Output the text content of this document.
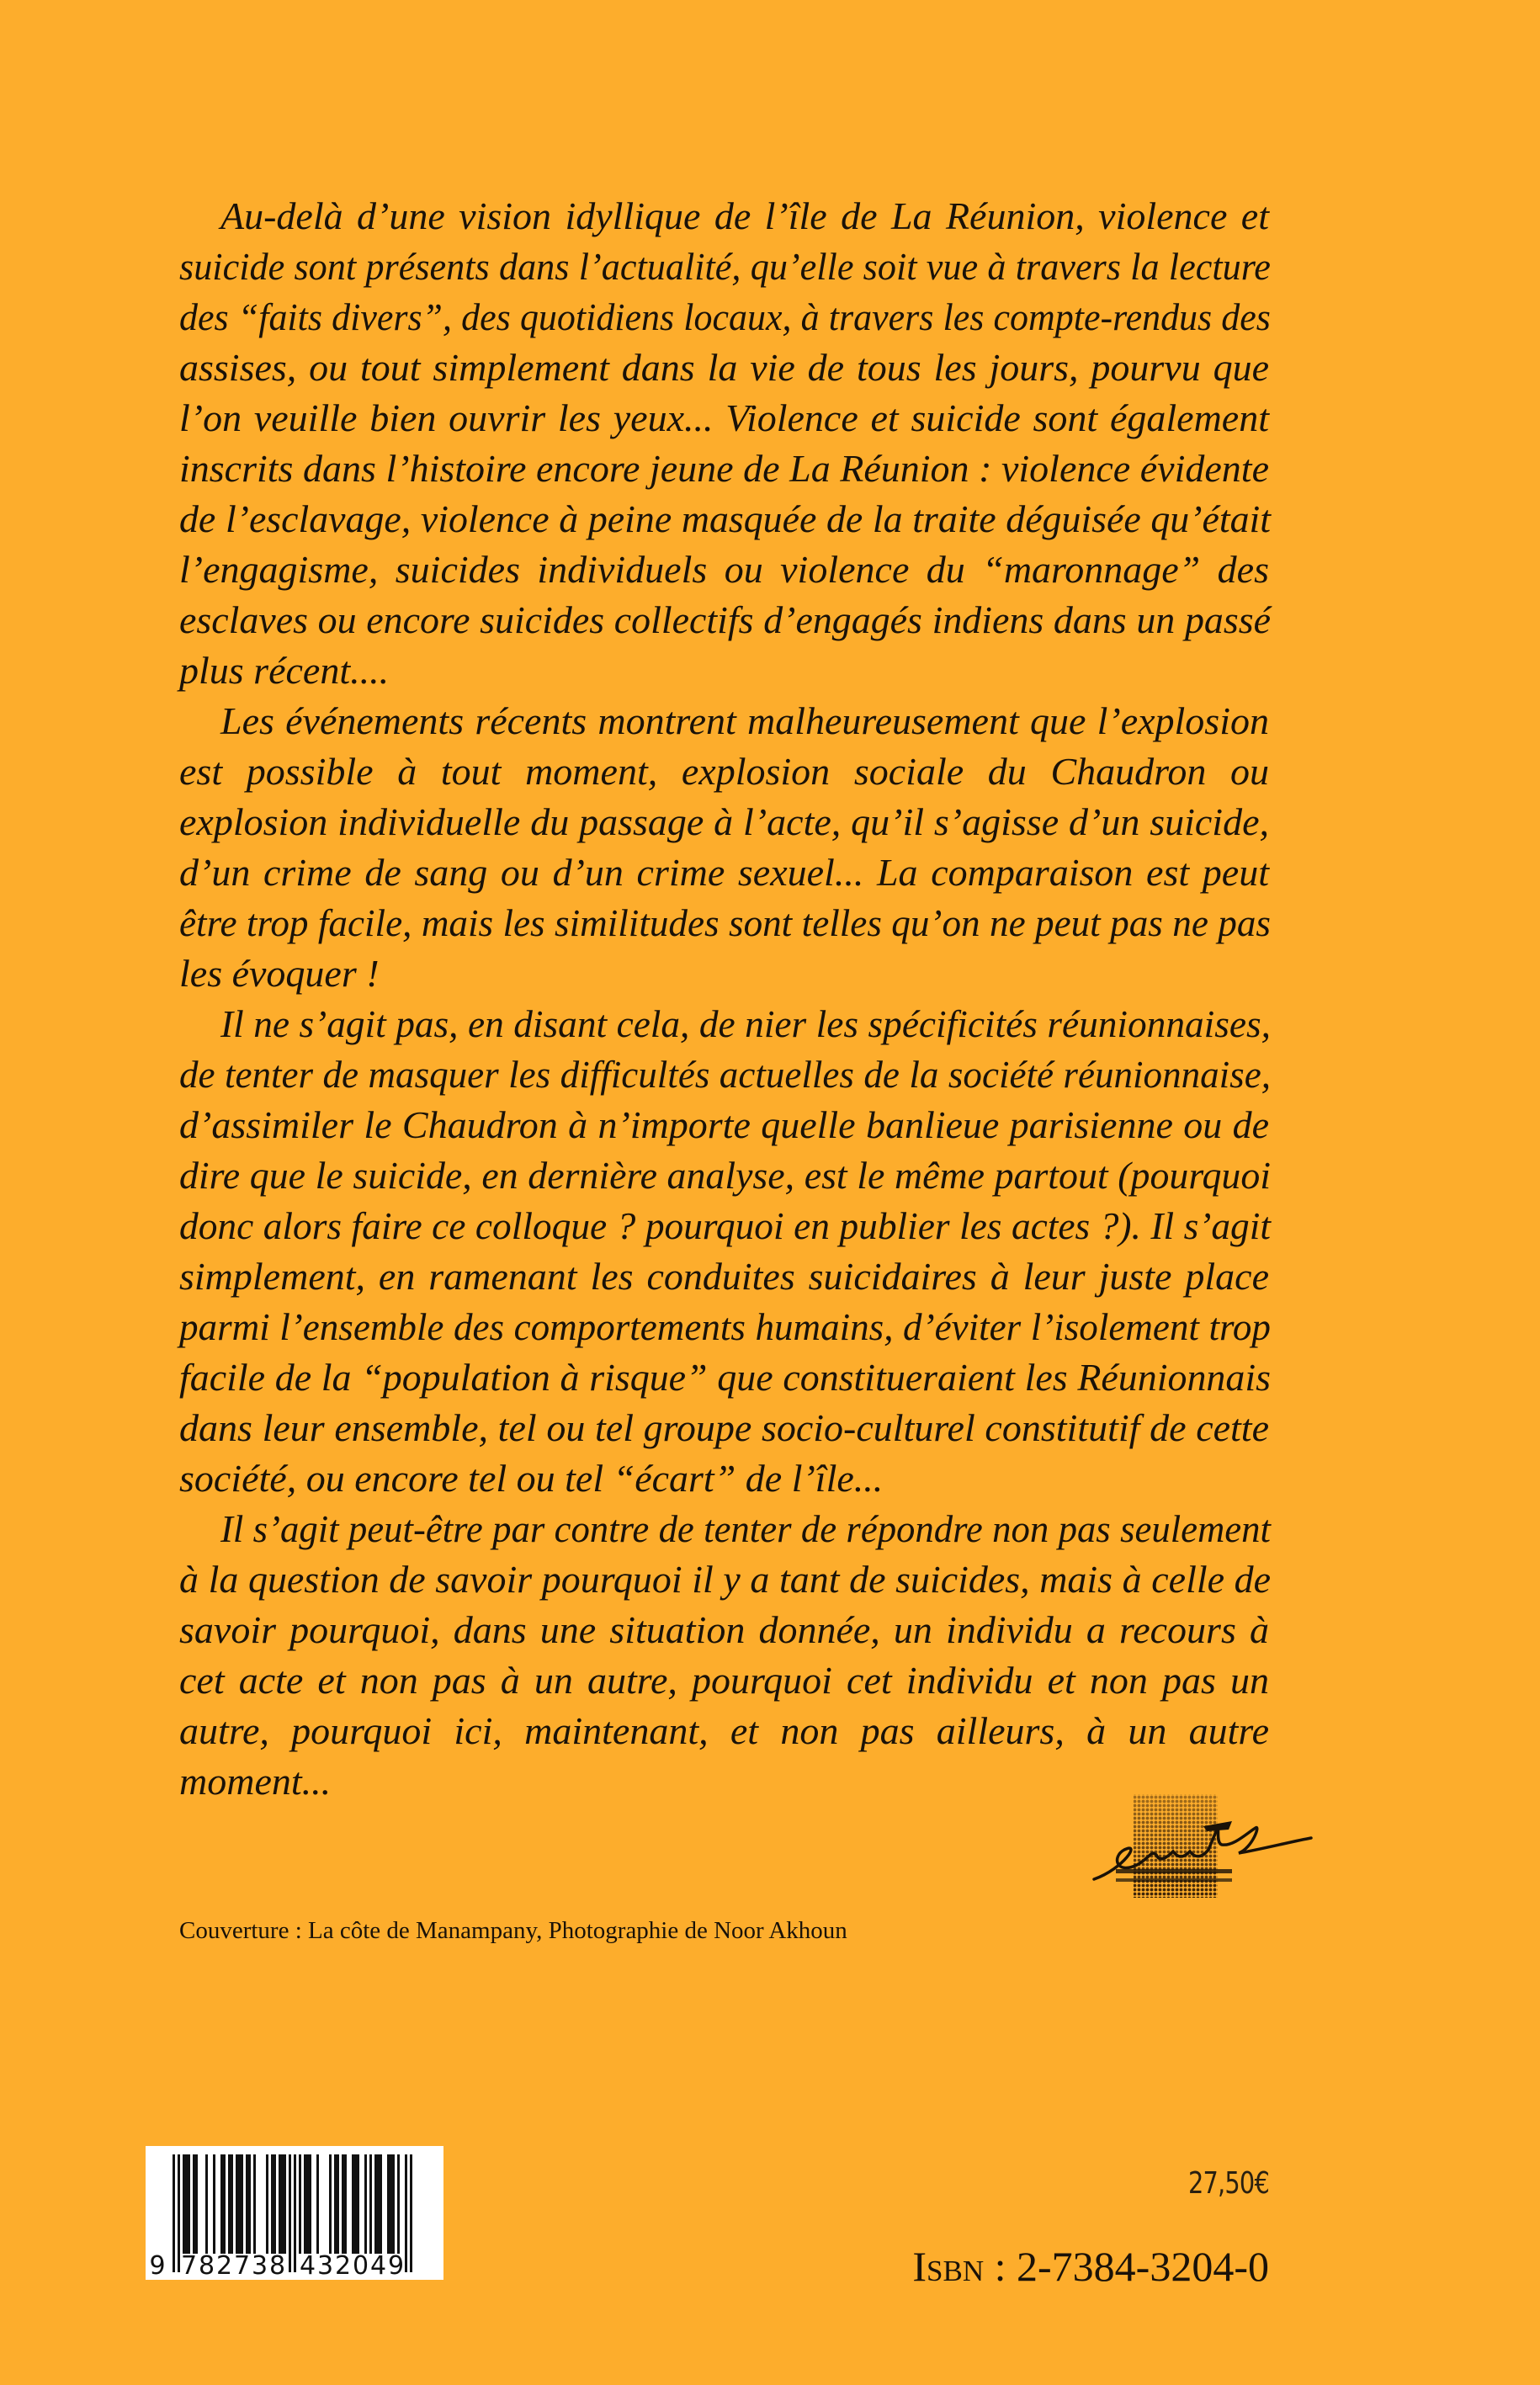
Au-delà d’une vision idyllique de l’île de La Réunion, violence et
suicide sont présents dans l’actualité, qu’elle soit vue à travers la lecture
des “faits divers”, des quotidiens locaux, à travers les compte-rendus des
assises, ou tout simplement dans la vie de tous les jours, pourvu que
l’on veuille bien ouvrir les yeux... Violence et suicide sont également
inscrits dans l’histoire encore jeune de La Réunion : violence évidente
de l’esclavage, violence à peine masquée de la traite déguisée qu’était
l’engagisme, suicides individuels ou violence du “maronnage” des
esclaves ou encore suicides collectifs d’engagés indiens dans un passé
plus récent....
Les événements récents montrent malheureusement que l’explosion
est possible à tout moment, explosion sociale du Chaudron ou
explosion individuelle du passage à l’acte, qu’il s’agisse d’un suicide,
d’un crime de sang ou d’un crime sexuel... La comparaison est peut
être trop facile, mais les similitudes sont telles qu’on ne peut pas ne pas
les évoquer !
Il ne s’agit pas, en disant cela, de nier les spécificités réunionnaises,
de tenter de masquer les difficultés actuelles de la société réunionnaise,
d’assimiler le Chaudron à n’importe quelle banlieue parisienne ou de
dire que le suicide, en dernière analyse, est le même partout (pourquoi
donc alors faire ce colloque ? pourquoi en publier les actes ?). Il s’agit
simplement, en ramenant les conduites suicidaires à leur juste place
parmi l’ensemble des comportements humains, d’éviter l’isolement trop
facile de la “population à risque” que constitueraient les Réunionnais
dans leur ensemble, tel ou tel groupe socio-culturel constitutif de cette
société, ou encore tel ou tel “écart” de l’île...
Il s’agit peut-être par contre de tenter de répondre non pas seulement
à la question de savoir pourquoi il y a tant de suicides, mais à celle de
savoir pourquoi, dans une situation donnée, un individu a recours à
cet acte et non pas à un autre, pourquoi cet individu et non pas un
autre, pourquoi ici, maintenant, et non pas ailleurs, à un autre
moment...
Couverture : La côte de Manampany, Photographie de Noor Akhoun
9 7 8 2 7 3 8 4 3 2 0 4 9
27,50€
Isbn : 2-7384-3204-0
